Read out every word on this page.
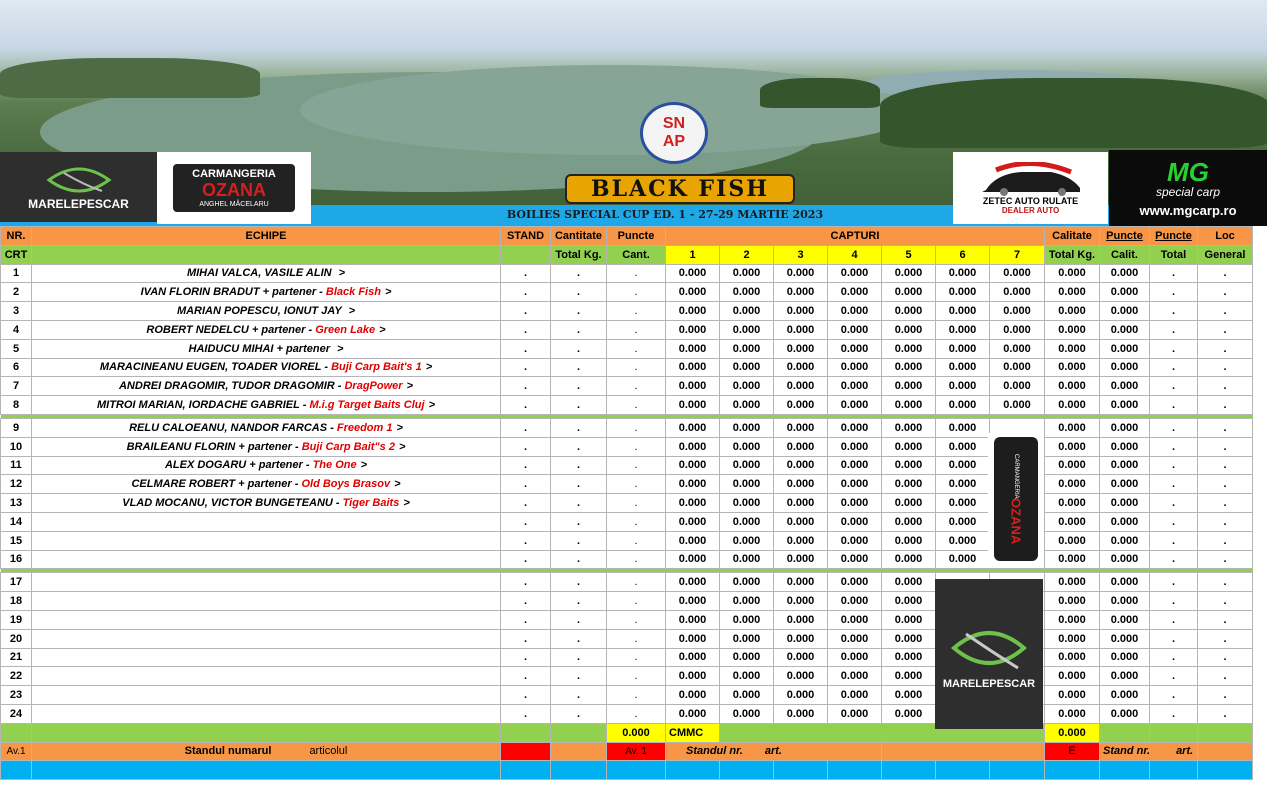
MARELEPESCAR
CARMANGERIA
OZANA
ANGHEL MĂCELARU
SN
AP
BLACK FISH	ZETEC AUTO RULATE
DEALER AUTO
MG
special carp
www.mgcarp.ro
BOILIES SPECIAL CUP ED. 1 - 27-29 MARTIE 2023
NR.	ECHIPE	STAND	Cantitate	Puncte	CAPTURI							Calitate	Puncte	Puncte	Loc
CRT			Total Kg.	Cant.	1	2	3	4	5	6	7	Total Kg.	Calit.	Total	General
1	MIHAI VALCA, VASILE ALIN >	.	.	.	0.000	0.000	0.000	0.000	0.000	0.000	0.000	0.000	0.000	.	.
2	IVAN FLORIN BRADUT + partener - Black Fish >	.	.	.	0.000	0.000	0.000	0.000	0.000	0.000	0.000	0.000	0.000	.	.
3	MARIAN POPESCU, IONUT JAY >	.	.	.	0.000	0.000	0.000	0.000	0.000	0.000	0.000	0.000	0.000	.	.
4	ROBERT NEDELCU + partener - Green Lake >	.	.	.	0.000	0.000	0.000	0.000	0.000	0.000	0.000	0.000	0.000	.	.
5	HAIDUCU MIHAI + partener >	.	.	.	0.000	0.000	0.000	0.000	0.000	0.000	0.000	0.000	0.000	.	.
6	MARACINEANU EUGEN, TOADER VIOREL - Buji Carp Bait's 1 >	.	.	.	0.000	0.000	0.000	0.000	0.000	0.000	0.000	0.000	0.000	.	.
7	ANDREI DRAGOMIR, TUDOR DRAGOMIR - DragPower >	.	.	.	0.000	0.000	0.000	0.000	0.000	0.000	0.000	0.000	0.000	.	.
8	MITROI MARIAN, IORDACHE GABRIEL - M.i.g Target Baits Cluj >	.	.	.	0.000	0.000	0.000	0.000	0.000	0.000	0.000	0.000	0.000	.	.

9	RELU CALOEANU, NANDOR FARCAS - Freedom 1 >	.	.	.	0.000	0.000	0.000	0.000	0.000	0.000		0.000	0.000	.	.
10	BRAILEANU FLORIN + partener - Buji Carp Bait"s 2 >	.	.	.	0.000	0.000	0.000	0.000	0.000	0.000		0.000	0.000	.	.
11	ALEX DOGARU + partener - The One >	.	.	.	0.000	0.000	0.000	0.000	0.000	0.000		0.000	0.000	.	.
12	CELMARE ROBERT + partener - Old Boys Brasov >	.	.	.	0.000	0.000	0.000	0.000	0.000	0.000		0.000	0.000	.	.
13	VLAD MOCANU, VICTOR BUNGETEANU - Tiger Baits >	.	.	.	0.000	0.000	0.000	0.000	0.000	0.000		0.000	0.000	.	.
14		.	.	.	0.000	0.000	0.000	0.000	0.000	0.000		0.000	0.000	.	.
15		.	.	.	0.000	0.000	0.000	0.000	0.000	0.000		0.000	0.000	.	.
16		.	.	.	0.000	0.000	0.000	0.000	0.000	0.000		0.000	0.000	.	.

17		.	.	.	0.000	0.000	0.000	0.000	0.000			0.000	0.000	.	.
18		.	.	.	0.000	0.000	0.000	0.000	0.000			0.000	0.000	.	.
19		.	.	.	0.000	0.000	0.000	0.000	0.000			0.000	0.000	.	.
20		.	.	.	0.000	0.000	0.000	0.000	0.000			0.000	0.000	.	.
21		.	.	.	0.000	0.000	0.000	0.000	0.000			0.000	0.000	.	.
22		.	.	.	0.000	0.000	0.000	0.000	0.000			0.000	0.000	.	.
23		.	.	.	0.000	0.000	0.000	0.000	0.000			0.000	0.000	.	.
24		.	.	.	0.000	0.000	0.000	0.000	0.000			0.000	0.000	.	.
				0.000	CMMC							0.000			
Av.1	Standul numarul articolul			Av. 1	Standul nr. art.							E	Stand nr. art.		

CARMANGERIA
OZANA
MARELEPESCAR
